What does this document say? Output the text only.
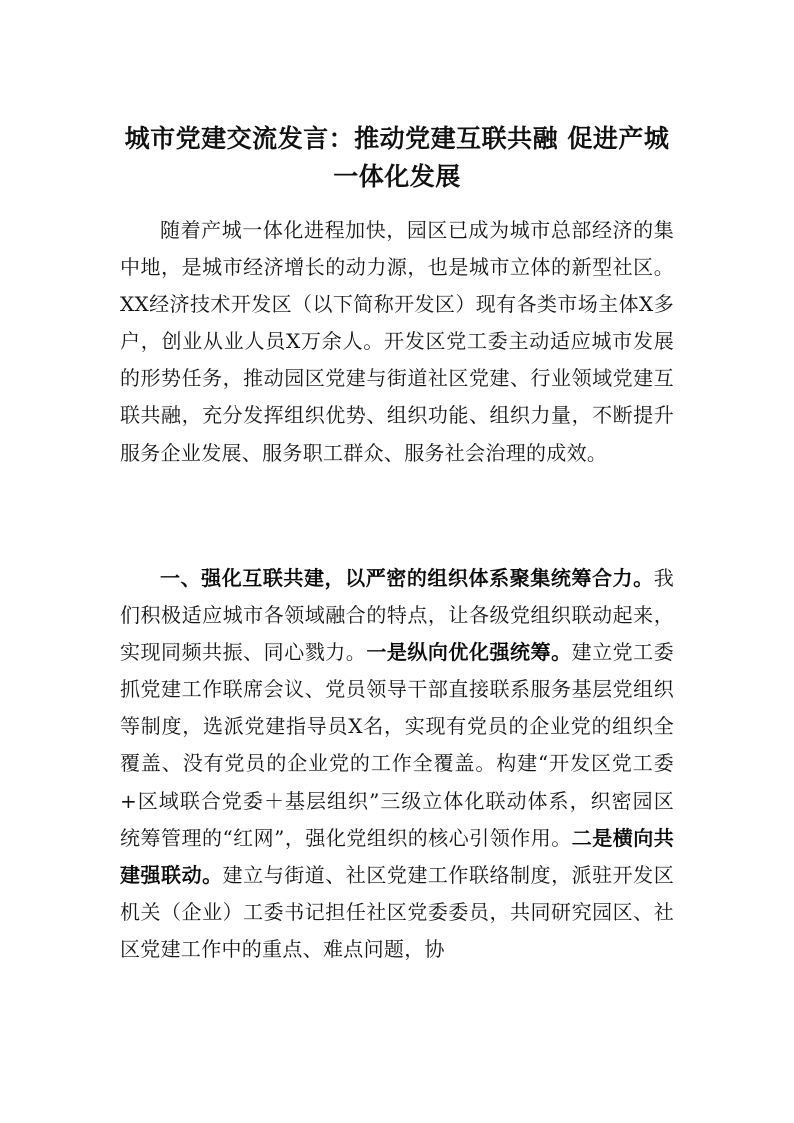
城市党建交流发言：推动党建互联共融 促进产城一体化发展

随着产城一体化进程加快，园区已成为城市总部经济的集中地，是城市经济增长的动力源，也是城市立体的新型社区。XX经济技术开发区（以下简称开发区）现有各类市场主体X多户，创业从业人员X万余人。开发区党工委主动适应城市发展的形势任务，推动园区党建与街道社区党建、行业领域党建互联共融，充分发挥组织优势、组织功能、组织力量，不断提升服务企业发展、服务职工群众、服务社会治理的成效。

一、强化互联共建，以严密的组织体系聚集统筹合力。我们积极适应城市各领域融合的特点，让各级党组织联动起来，实现同频共振、同心戮力。一是纵向优化强统筹。建立党工委抓党建工作联席会议、党员领导干部直接联系服务基层党组织等制度，选派党建指导员X名，实现有党员的企业党的组织全覆盖、没有党员的企业党的工作全覆盖。构建“开发区党工委+区域联合党委＋基层组织”三级立体化联动体系，织密园区统筹管理的“红网”，强化党组织的核心引领作用。二是横向共建强联动。建立与街道、社区党建工作联络制度，派驻开发区机关（企业）工委书记担任社区党委委员，共同研究园区、社区党建工作中的重点、难点问题，协
